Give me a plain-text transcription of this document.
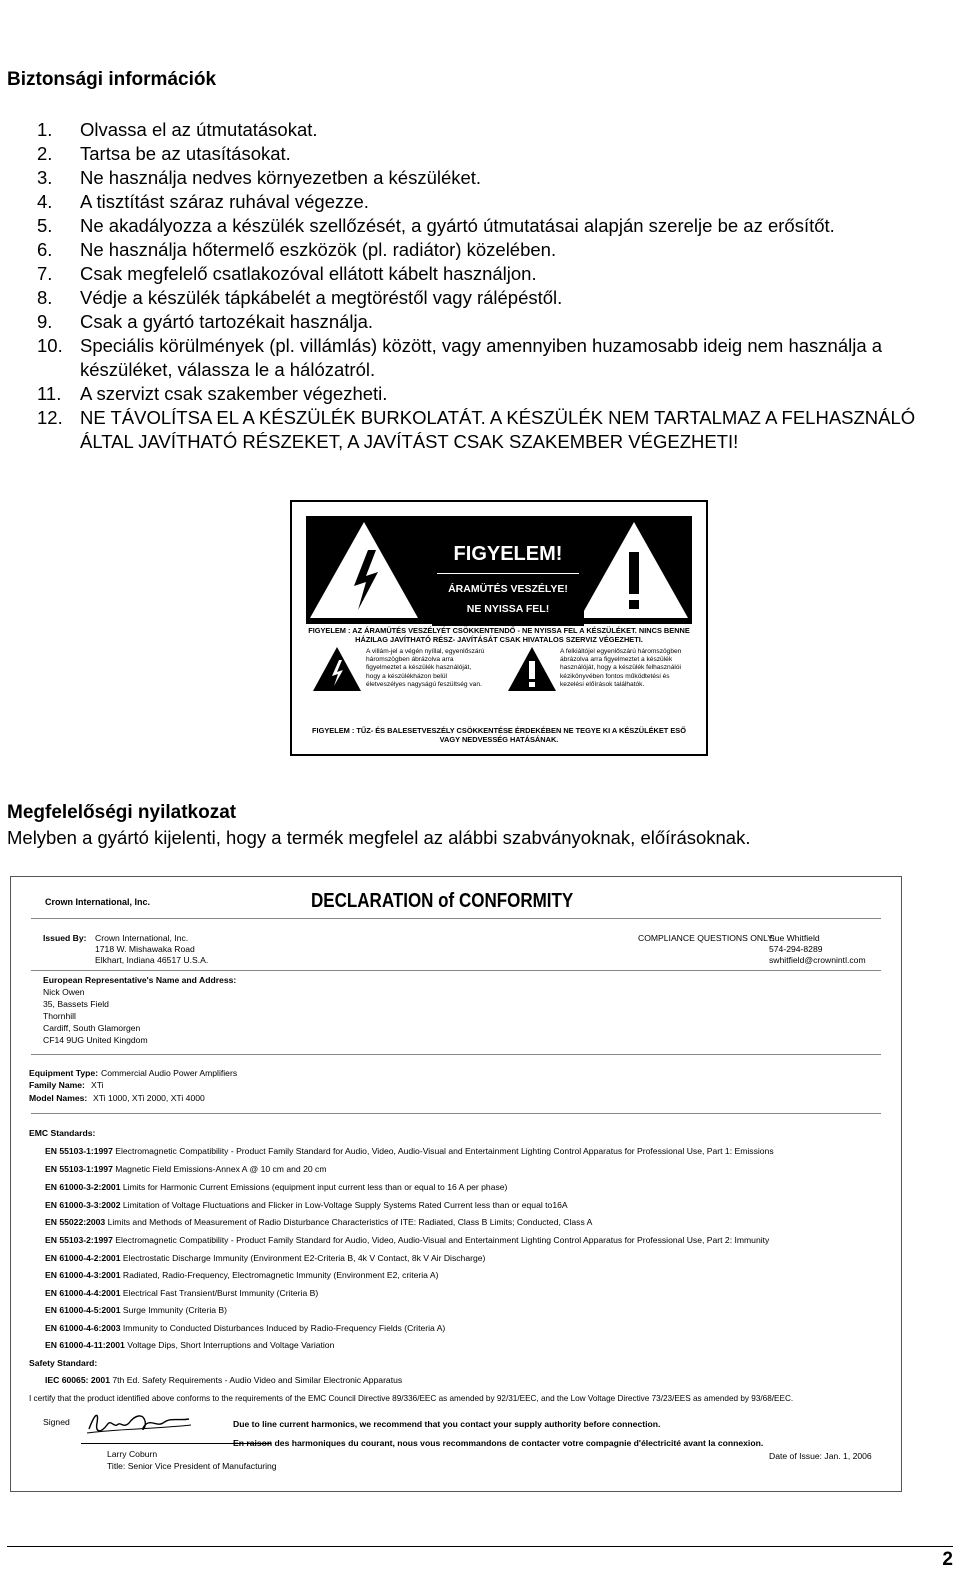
Biztonsági információk
1. Olvassa el az útmutatásokat.
2. Tartsa be az utasításokat.
3. Ne használja nedves környezetben a készüléket.
4. A tisztítást száraz ruhával végezze.
5. Ne akadályozza a készülék szellőzését, a gyártó útmutatásai alapján szerelje be az erősítőt.
6. Ne használja hőtermelő eszközök (pl. radiátor) közelében.
7. Csak megfelelő csatlakozóval ellátott kábelt használjon.
8. Védje a készülék tápkábelét a megtöréstől vagy rálépéstől.
9. Csak a gyártó tartozékait használja.
10. Speciális körülmények (pl. villámlás) között, vagy amennyiben huzamosabb ideig nem használja a készüléket, válassza le a hálózatról.
11. A szervizt csak szakember végezheti.
12. NE TÁVOLÍTSA EL A KÉSZÜLÉK BURKOLATÁT. A KÉSZÜLÉK NEM TARTALMAZ A FELHASZNÁLÓ ÁLTAL JAVÍTHATÓ RÉSZEKET, A JAVÍTÁST CSAK SZAKEMBER VÉGEZHETI!
FIGYELEM!
ÁRAMÜTÉS VESZÉLYE!
NE NYISSA FEL!
FIGYELEM : AZ ÁRAMÜTÉS VESZÉLYÉT CSÖKKENTENDŐ - NE NYISSA FEL A KÉSZÜLÉKET. NINCS BENNE HÁZILAG JAVÍTHATÓ RÉSZ- JAVÍTÁSÁT CSAK HIVATALOS SZERVIZ VÉGEZHETI.
A villám-jel a végén nyíllal, egyenlőszárú háromszögben ábrázolva arra figyelmeztet a készülék használóját, hogy a készülékházon belül életveszélyes nagyságú feszültség van.
A felkiáltójel egyenlőszárú háromszögben ábrázolva arra figyelmeztet a készülék használóját, hogy a készülék felhasználói kézikönyvében fontos működtetési és kezelési előírások találhatók.
FIGYELEM : TŰZ- ÉS BALESETVESZÉLY CSÖKKENTÉSE ÉRDEKÉBEN NE TEGYE KI A KÉSZÜLÉKET ESŐ VAGY NEDVESSÉG HATÁSÁNAK.
Megfelelőségi nyilatkozat
Melyben a gyártó kijelenti, hogy a termék megfelel az alábbi szabványoknak, előírásoknak.
Crown International, Inc.	DECLARATION of CONFORMITY
Issued By: Crown International, Inc.
1718 W. Mishawaka Road
Elkhart, Indiana 46517 U.S.A.
COMPLIANCE QUESTIONS ONLY:
Sue Whitfield
574-294-8289
swhitfield@crownintl.com
European Representative's Name and Address:
Nick Owen
35, Bassets Field
Thornhill
Cardiff, South Glamorgen
CF14 9UG United Kingdom
Equipment Type: Commercial Audio Power Amplifiers
Family Name: XTi
Model Names: XTi 1000, XTi 2000, XTi 4000
EMC Standards:
EN 55103-1:1997 Electromagnetic Compatibility - Product Family Standard for Audio, Video, Audio-Visual and Entertainment Lighting Control Apparatus for Professional Use, Part 1: Emissions
EN 55103-1:1997 Magnetic Field Emissions-Annex A @ 10 cm and 20 cm
EN 61000-3-2:2001 Limits for Harmonic Current Emissions (equipment input current less than or equal to 16 A per phase)
EN 61000-3-3:2002 Limitation of Voltage Fluctuations and Flicker in Low-Voltage Supply Systems Rated Current less than or equal to16A
EN 55022:2003 Limits and Methods of Measurement of Radio Disturbance Characteristics of ITE: Radiated, Class B Limits; Conducted, Class A
EN 55103-2:1997 Electromagnetic Compatibility - Product Family Standard for Audio, Video, Audio-Visual and Entertainment Lighting Control Apparatus for Professional Use, Part 2: Immunity
EN 61000-4-2:2001 Electrostatic Discharge Immunity (Environment E2-Criteria B, 4k V Contact, 8k V Air Discharge)
EN 61000-4-3:2001 Radiated, Radio-Frequency, Electromagnetic Immunity (Environment E2, criteria A)
EN 61000-4-4:2001 Electrical Fast Transient/Burst Immunity (Criteria B)
EN 61000-4-5:2001 Surge Immunity (Criteria B)
EN 61000-4-6:2003 Immunity to Conducted Disturbances Induced by Radio-Frequency Fields (Criteria A)
EN 61000-4-11:2001 Voltage Dips, Short Interruptions and Voltage Variation
Safety Standard:
IEC 60065: 2001 7th Ed. Safety Requirements - Audio Video and Similar Electronic Apparatus
I certify that the product identified above conforms to the requirements of the EMC Council Directive 89/336/EEC as amended by 92/31/EEC, and the Low Voltage Directive 73/23/EES as amended by 93/68/EEC.
Signed
Larry Coburn
Title: Senior Vice President of Manufacturing
Due to line current harmonics, we recommend that you contact your supply authority before connection.
En raison des harmoniques du courant, nous vous recommandons de contacter votre compagnie d'électricité avant la connexion.
Date of Issue: Jan. 1, 2006
2
